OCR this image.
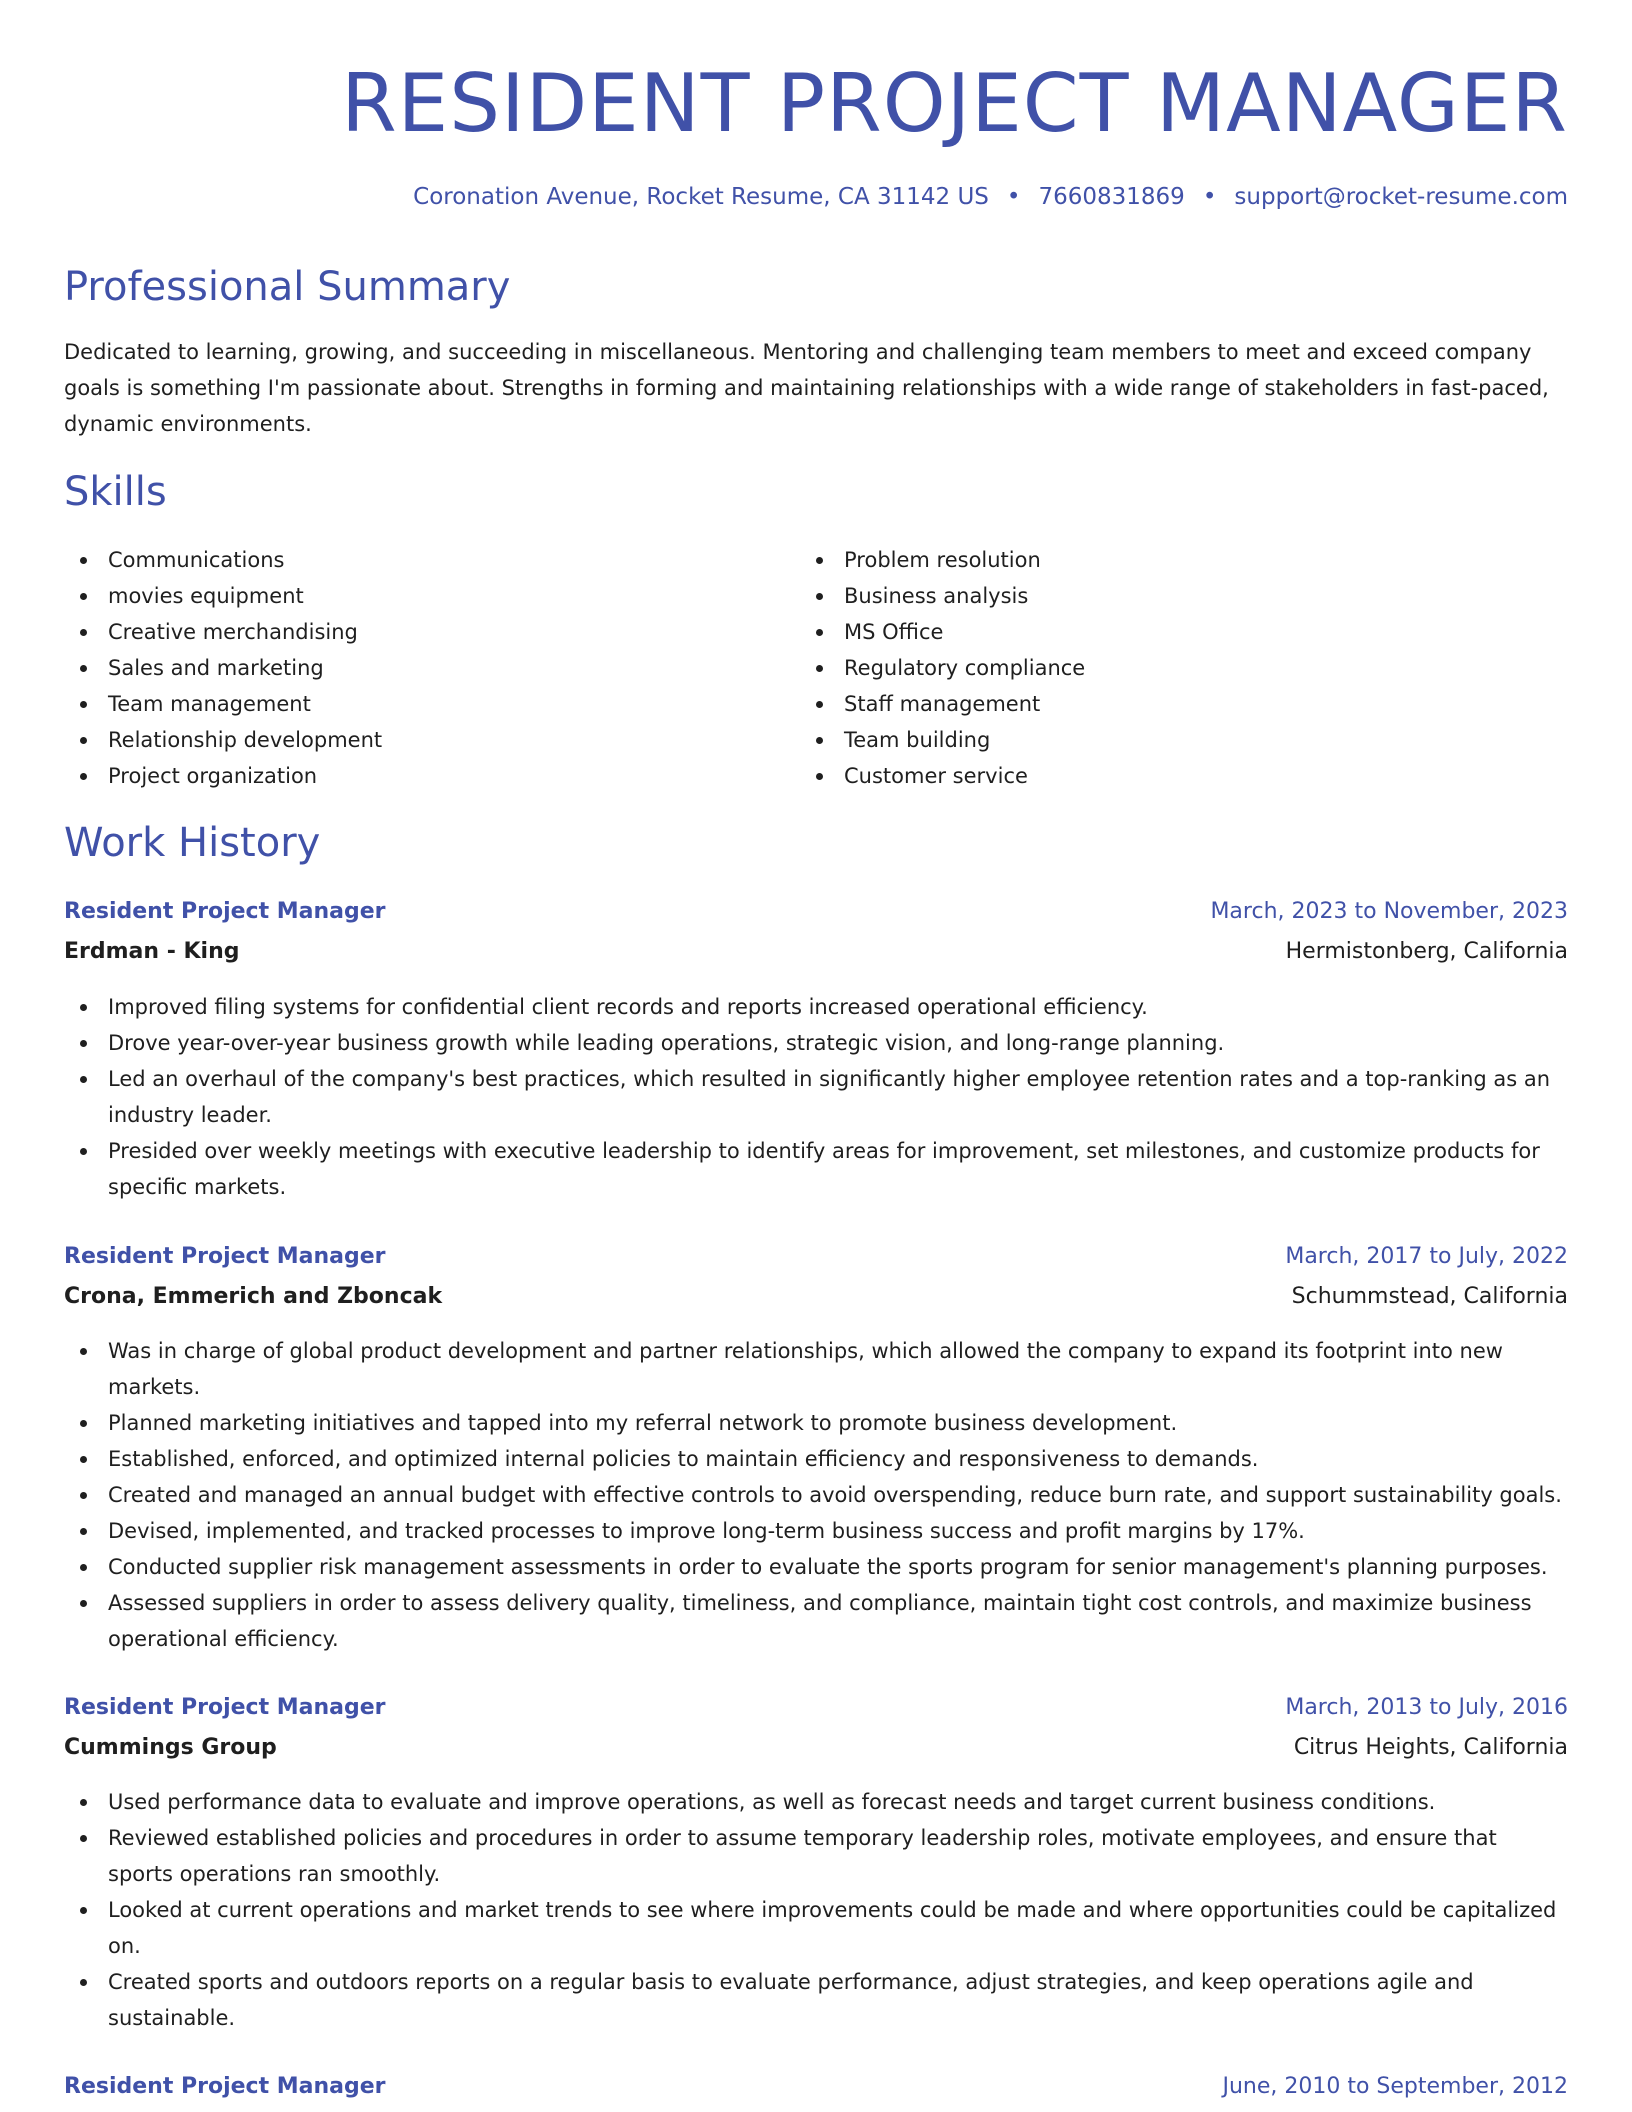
RESIDENT PROJECT MANAGER
Coronation Avenue, Rocket Resume, CA 31142 US • 7660831869 • support@rocket-resume.com
Professional Summary

Dedicated to learning, growing, and succeeding in miscellaneous. Mentoring and challenging team members to meet and exceed company goals is something I'm passionate about. Strengths in forming and maintaining relationships with a wide range of stakeholders in fast-paced, dynamic environments.

Skills
Communications
movies equipment
Creative merchandising
Sales and marketing
Team management
Relationship development
Project organization
Problem resolution
Business analysis
MS Office
Regulatory compliance
Staff management
Team building
Customer service
Work History
Resident Project Manager	March, 2023 to November, 2023
Erdman - King	Hermistonberg, California
Improved filing systems for confidential client records and reports increased operational efficiency.
Drove year-over-year business growth while leading operations, strategic vision, and long-range planning.
Led an overhaul of the company's best practices, which resulted in significantly higher employee retention rates and a top-ranking as an industry leader.
Presided over weekly meetings with executive leadership to identify areas for improvement, set milestones, and customize products for specific markets.
Resident Project Manager	March, 2017 to July, 2022
Crona, Emmerich and Zboncak	Schummstead, California
Was in charge of global product development and partner relationships, which allowed the company to expand its footprint into new markets.
Planned marketing initiatives and tapped into my referral network to promote business development.
Established, enforced, and optimized internal policies to maintain efficiency and responsiveness to demands.
Created and managed an annual budget with effective controls to avoid overspending, reduce burn rate, and support sustainability goals.
Devised, implemented, and tracked processes to improve long-term business success and profit margins by 17%.
Conducted supplier risk management assessments in order to evaluate the sports program for senior management's planning purposes.
Assessed suppliers in order to assess delivery quality, timeliness, and compliance, maintain tight cost controls, and maximize business operational efficiency.
Resident Project Manager	March, 2013 to July, 2016
Cummings Group	Citrus Heights, California
Used performance data to evaluate and improve operations, as well as forecast needs and target current business conditions.
Reviewed established policies and procedures in order to assume temporary leadership roles, motivate employees, and ensure that sports operations ran smoothly.
Looked at current operations and market trends to see where improvements could be made and where opportunities could be capitalized on.
Created sports and outdoors reports on a regular basis to evaluate performance, adjust strategies, and keep operations agile and sustainable.
Resident Project Manager	June, 2010 to September, 2012
